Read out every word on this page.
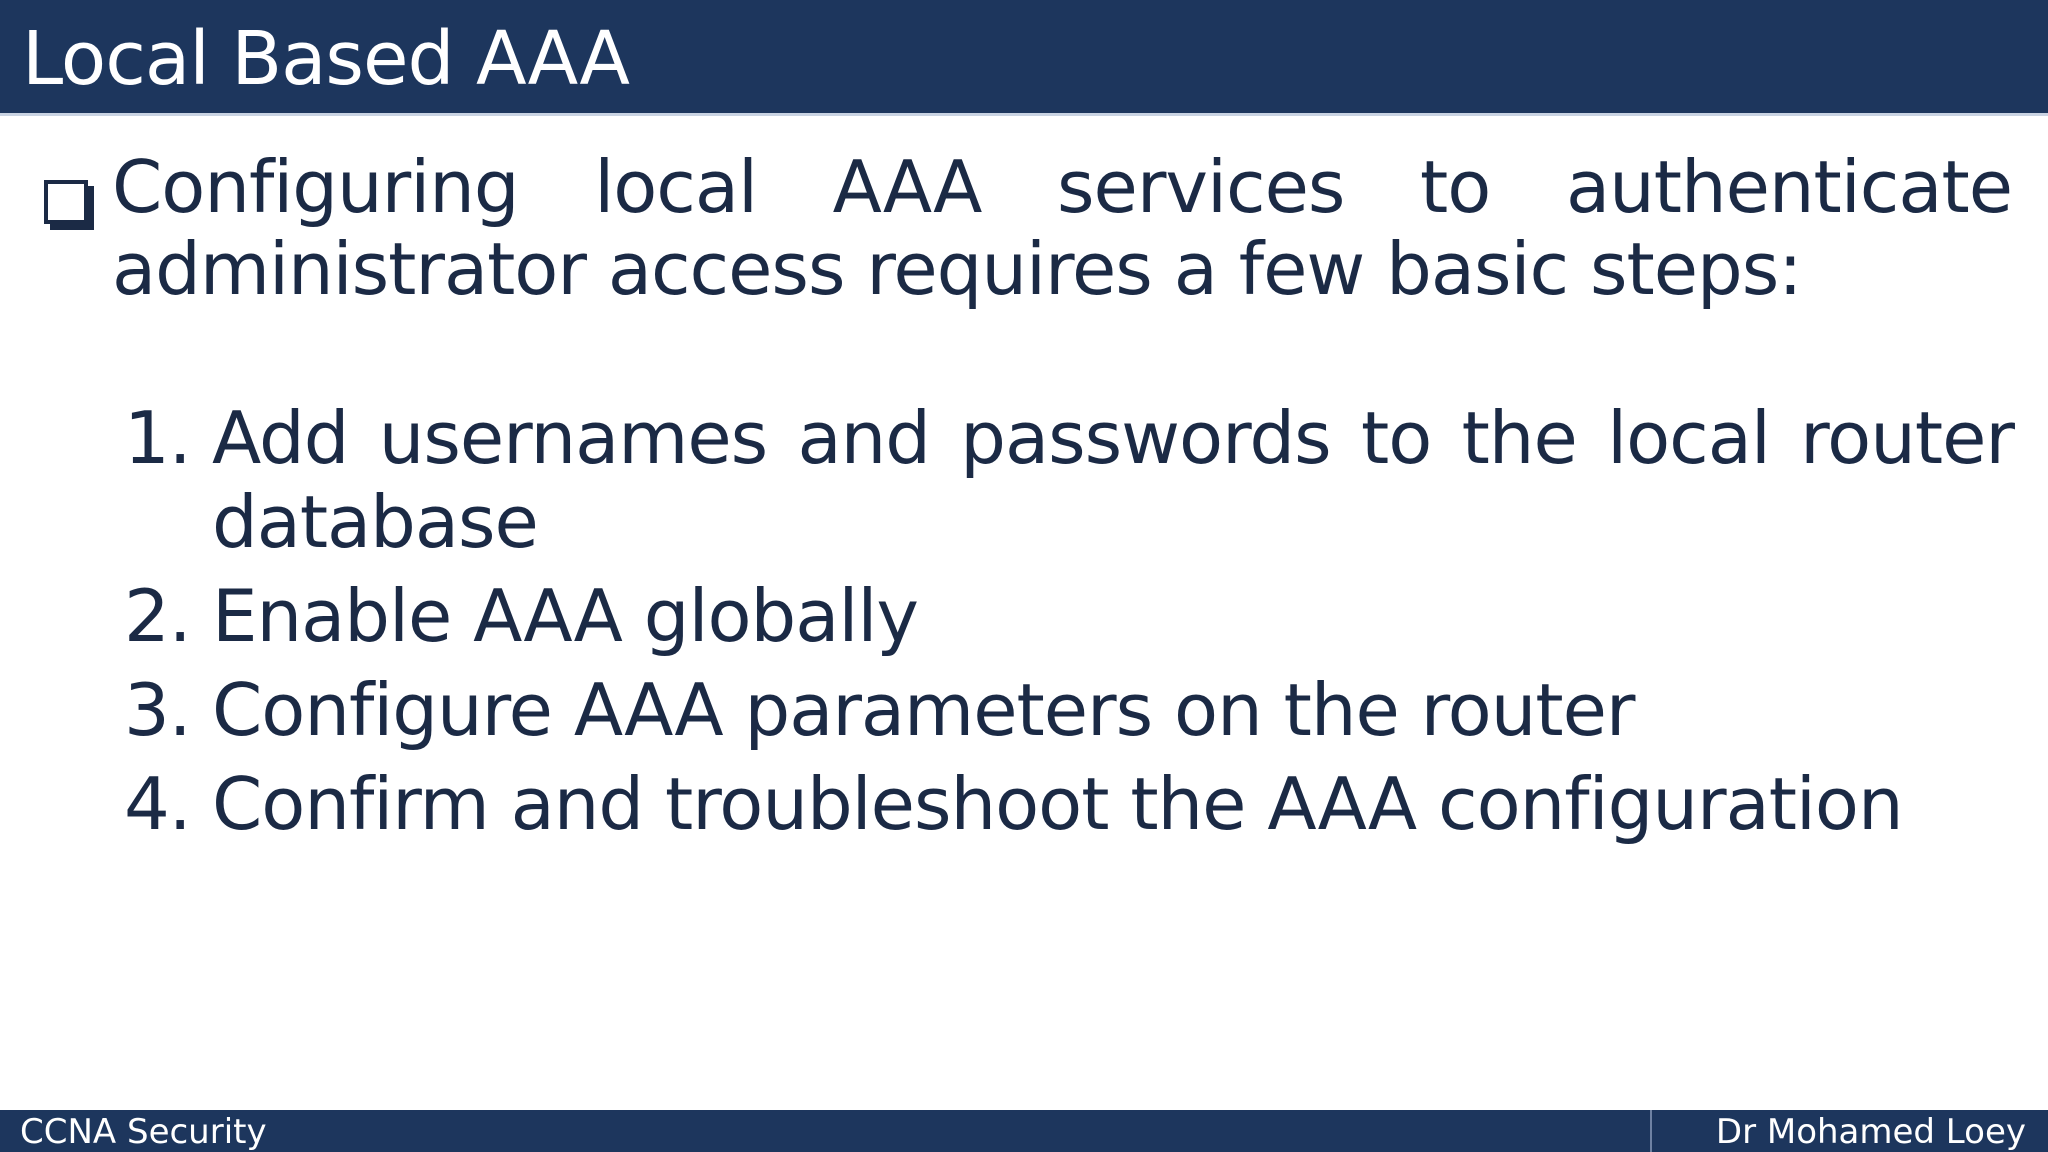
Local Based AAA
Configuring local AAA services to authenticate administrator access requires a few basic steps:
1. Add usernames and passwords to the local router database
2. Enable AAA globally
3. Configure AAA parameters on the router
4. Confirm and troubleshoot the AAA configuration
CCNA Security	Dr Mohamed Loey
